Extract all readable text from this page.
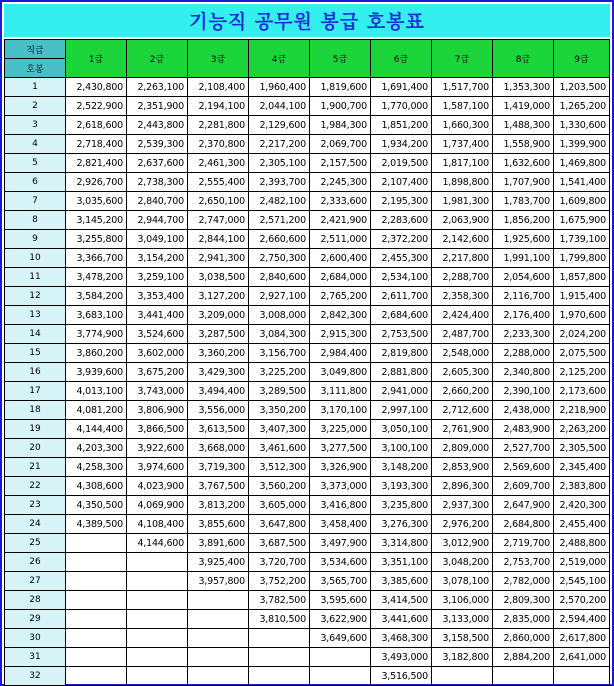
기능직 공무원 봉급 호봉표
직급	1급	2급	3급	4급	5급	6급	7급	8급	9급
호봉									
1	2,430,800	2,263,100	2,108,400	1,960,400	1,819,600	1,691,400	1,517,700	1,353,300	1,203,500
2	2,522,900	2,351,900	2,194,100	2,044,100	1,900,700	1,770,000	1,587,100	1,419,000	1,265,200
3	2,618,600	2,443,800	2,281,800	2,129,600	1,984,300	1,851,200	1,660,300	1,488,300	1,330,600
4	2,718,400	2,539,300	2,370,800	2,217,200	2,069,700	1,934,200	1,737,400	1,558,900	1,399,900
5	2,821,400	2,637,600	2,461,300	2,305,100	2,157,500	2,019,500	1,817,100	1,632,600	1,469,800
6	2,926,700	2,738,300	2,555,400	2,393,700	2,245,300	2,107,400	1,898,800	1,707,900	1,541,400
7	3,035,600	2,840,700	2,650,100	2,482,100	2,333,600	2,195,300	1,981,300	1,783,700	1,609,800
8	3,145,200	2,944,700	2,747,000	2,571,200	2,421,900	2,283,600	2,063,900	1,856,200	1,675,900
9	3,255,800	3,049,100	2,844,100	2,660,600	2,511,000	2,372,200	2,142,600	1,925,600	1,739,100
10	3,366,700	3,154,200	2,941,300	2,750,300	2,600,400	2,455,300	2,217,800	1,991,100	1,799,800
11	3,478,200	3,259,100	3,038,500	2,840,600	2,684,000	2,534,100	2,288,700	2,054,600	1,857,800
12	3,584,200	3,353,400	3,127,200	2,927,100	2,765,200	2,611,700	2,358,300	2,116,700	1,915,400
13	3,683,100	3,441,400	3,209,000	3,008,000	2,842,300	2,684,600	2,424,400	2,176,400	1,970,600
14	3,774,900	3,524,600	3,287,500	3,084,300	2,915,300	2,753,500	2,487,700	2,233,300	2,024,200
15	3,860,200	3,602,000	3,360,200	3,156,700	2,984,400	2,819,800	2,548,000	2,288,000	2,075,500
16	3,939,600	3,675,200	3,429,300	3,225,200	3,049,800	2,881,800	2,605,300	2,340,800	2,125,200
17	4,013,100	3,743,000	3,494,400	3,289,500	3,111,800	2,941,000	2,660,200	2,390,100	2,173,600
18	4,081,200	3,806,900	3,556,000	3,350,200	3,170,100	2,997,100	2,712,600	2,438,000	2,218,900
19	4,144,400	3,866,500	3,613,500	3,407,300	3,225,000	3,050,100	2,761,900	2,483,900	2,263,200
20	4,203,300	3,922,600	3,668,000	3,461,600	3,277,500	3,100,100	2,809,000	2,527,700	2,305,500
21	4,258,300	3,974,600	3,719,300	3,512,300	3,326,900	3,148,200	2,853,900	2,569,600	2,345,400
22	4,308,600	4,023,900	3,767,500	3,560,200	3,373,000	3,193,300	2,896,300	2,609,700	2,383,800
23	4,350,500	4,069,900	3,813,200	3,605,000	3,416,800	3,235,800	2,937,300	2,647,900	2,420,300
24	4,389,500	4,108,400	3,855,600	3,647,800	3,458,400	3,276,300	2,976,200	2,684,800	2,455,400
25		4,144,600	3,891,600	3,687,500	3,497,900	3,314,800	3,012,900	2,719,700	2,488,800
26			3,925,400	3,720,700	3,534,600	3,351,100	3,048,200	2,753,700	2,519,000
27			3,957,800	3,752,200	3,565,700	3,385,600	3,078,100	2,782,000	2,545,100
28				3,782,500	3,595,600	3,414,500	3,106,000	2,809,300	2,570,200
29				3,810,500	3,622,900	3,441,600	3,133,000	2,835,000	2,594,400
30					3,649,600	3,468,300	3,158,500	2,860,000	2,617,800
31						3,493,000	3,182,800	2,884,200	2,641,000
32						3,516,500			
